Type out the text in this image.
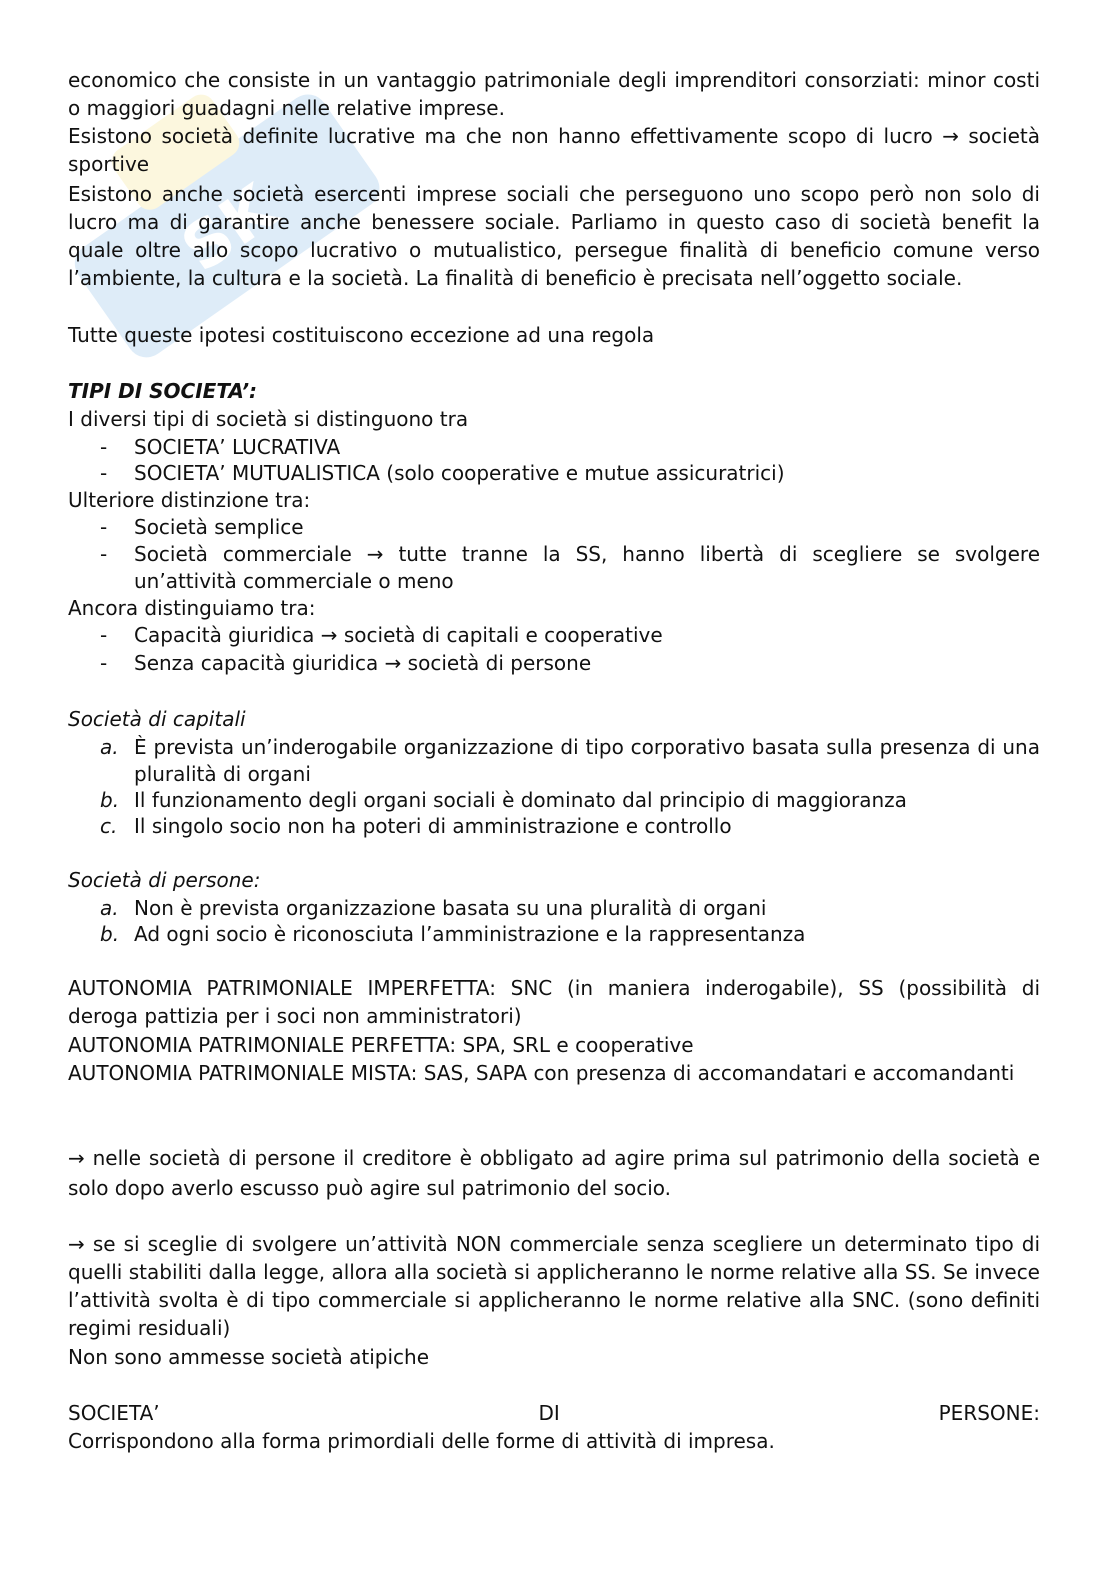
SK
economico che consiste in un vantaggio patrimoniale degli imprenditori consorziati: minor costi o maggiori guadagni nelle relative imprese.
Esistono società definite lucrative ma che non hanno effettivamente scopo di lucro → società sportive
Esistono anche società esercenti imprese sociali che perseguono uno scopo però non solo di lucro ma di garantire anche benessere sociale. Parliamo in questo caso di società benefit la quale oltre allo scopo lucrativo o mutualistico, persegue finalità di beneficio comune verso l’ambiente, la cultura e la società. La finalità di beneficio è precisata nell’oggetto sociale.
Tutte queste ipotesi costituiscono eccezione ad una regola
TIPI DI SOCIETA’:
I diversi tipi di società si distinguono tra
- SOCIETA’ LUCRATIVA
- SOCIETA’ MUTUALISTICA (solo cooperative e mutue assicuratrici)
Ulteriore distinzione tra:
- Società semplice
- Società commerciale → tutte tranne la SS, hanno libertà di scegliere se svolgere un’attività commerciale o meno
Ancora distinguiamo tra:
- Capacità giuridica → società di capitali e cooperative
- Senza capacità giuridica → società di persone
Società di capitali
a. È prevista un’inderogabile organizzazione di tipo corporativo basata sulla presenza di una pluralità di organi
b. Il funzionamento degli organi sociali è dominato dal principio di maggioranza
c. Il singolo socio non ha poteri di amministrazione e controllo
Società di persone:
a. Non è prevista organizzazione basata su una pluralità di organi
b. Ad ogni socio è riconosciuta l’amministrazione e la rappresentanza
AUTONOMIA PATRIMONIALE IMPERFETTA: SNC (in maniera inderogabile), SS (possibilità di deroga pattizia per i soci non amministratori)
AUTONOMIA PATRIMONIALE PERFETTA: SPA, SRL e cooperative
AUTONOMIA PATRIMONIALE MISTA: SAS, SAPA con presenza di accomandatari e accomandanti
→ nelle società di persone il creditore è obbligato ad agire prima sul patrimonio della società e solo dopo averlo escusso può agire sul patrimonio del socio.
→ se si sceglie di svolgere un’attività NON commerciale senza scegliere un determinato tipo di quelli stabiliti dalla legge, allora alla società si applicheranno le norme relative alla SS. Se invece l’attività svolta è di tipo commerciale si applicheranno le norme relative alla SNC. (sono definiti regimi residuali)
Non sono ammesse società atipiche
SOCIETA’ DI PERSONE:
Corrispondono alla forma primordiali delle forme di attività di impresa.
